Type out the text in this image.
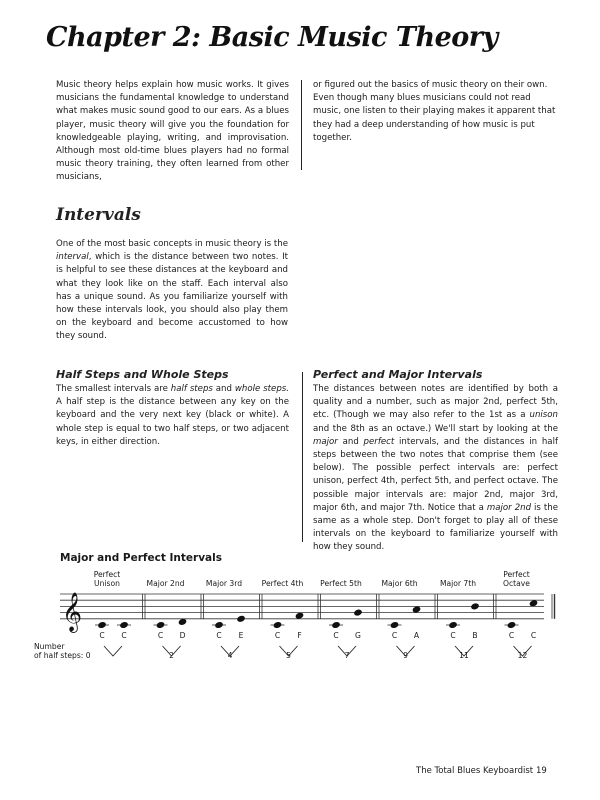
Chapter 2: Basic Music Theory

Music theory helps explain how music works. It gives musicians the fundamental knowledge to understand what makes music sound good to our ears. As a blues player, music theory will give you the foundation for knowledgeable playing, writing, and improvisation. Although most old-time blues players had no formal music theory training, they often learned from other musicians,

or figured out the basics of music theory on their own. Even though many blues musicians could not read music, one listen to their playing makes it apparent that they had a deep understanding of how music is put together.

Intervals

One of the most basic concepts in music theory is the interval, which is the distance between two notes. It is helpful to see these distances at the keyboard and what they look like on the staff. Each interval also has a unique sound. As you familiarize yourself with how these intervals look, you should also play them on the keyboard and become accustomed to how they sound.

Half Steps and Whole Steps

The smallest intervals are half steps and whole steps. A half step is the distance between any key on the keyboard and the very next key (black or white). A whole step is equal to two half steps, or two adjacent keys, in either direction.

Perfect and Major Intervals

The distances between notes are identified by both a quality and a number, such as major 2nd, perfect 5th, etc. (Though we may also refer to the 1st as a unison and the 8th as an octave.) We'll start by looking at the major and perfect intervals, and the distances in half steps between the two notes that comprise them (see below). The possible perfect intervals are: perfect unison, perfect 4th, perfect 5th, and perfect octave. The possible major intervals are: major 2nd, major 3rd, major 6th, and major 7th. Notice that a major 2nd is the same as a whole step. Don't forget to play all of these intervals on the keyboard to familiarize yourself with how they sound.

Major and Perfect Intervals
𝄞
Number
of half steps: 0
Perfect
Unison
C	C
Major 2nd
C	D
2
Major 3rd
C	E
4
Perfect 4th
C	F
5
Perfect 5th
C	G
7
Major 6th
C	A
9
Major 7th
C	B
11
Perfect
Octave
C	C
12
The Total Blues Keyboardist 19
